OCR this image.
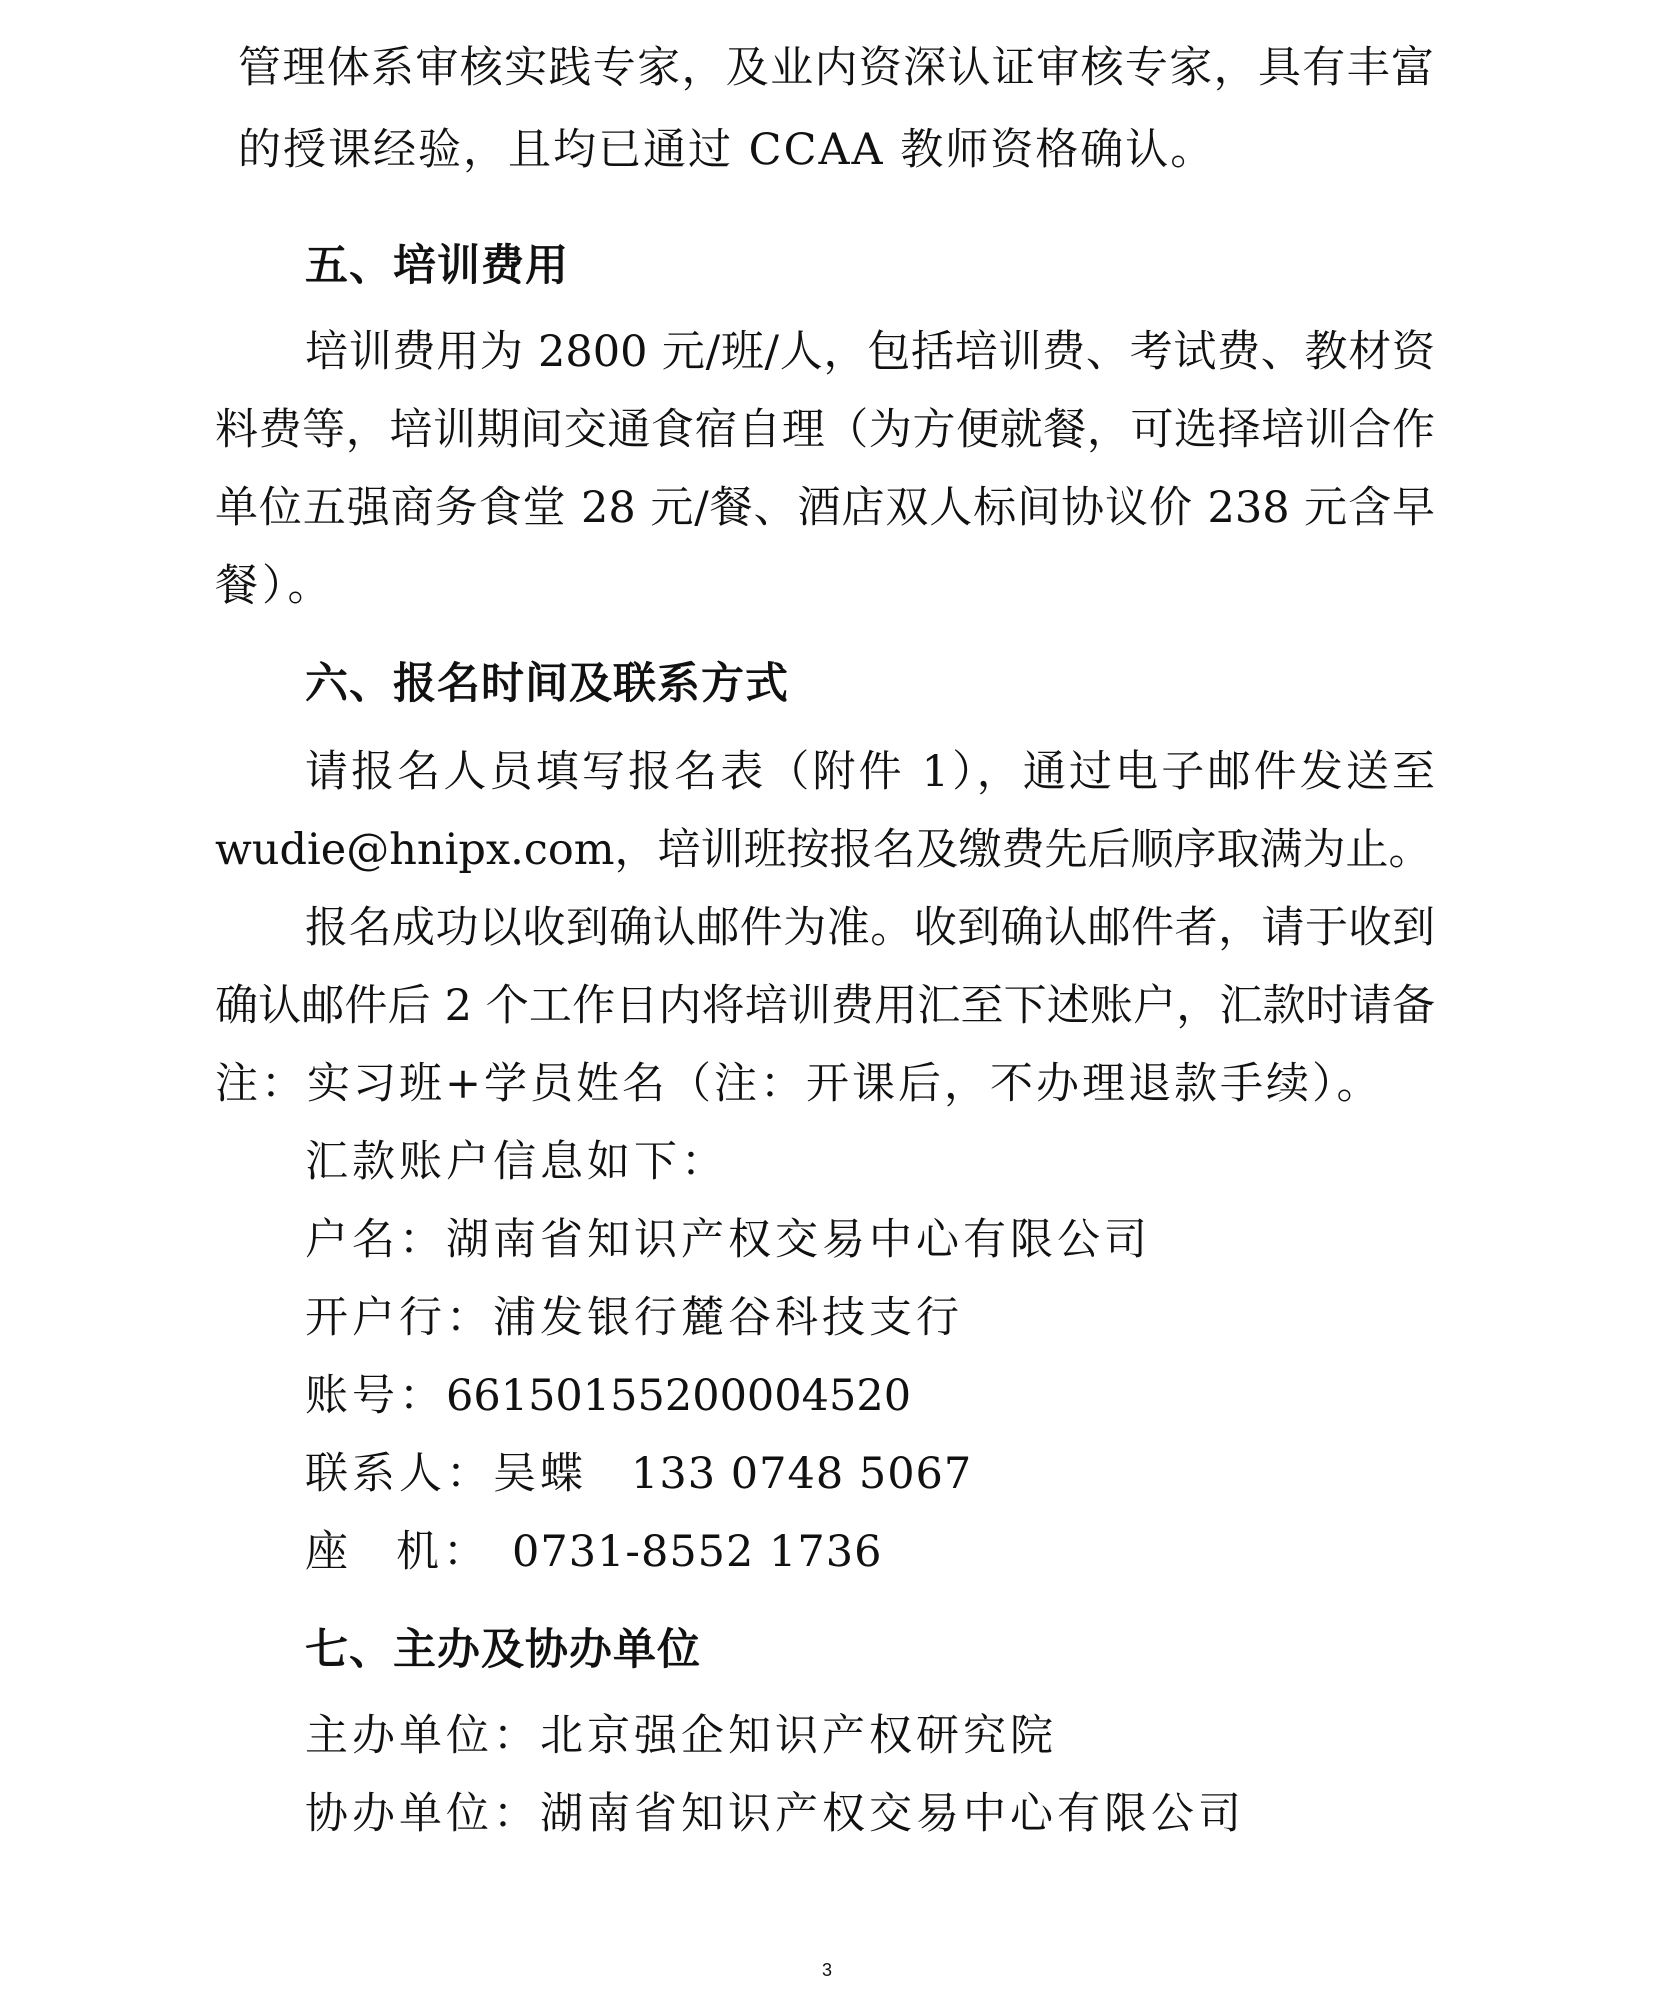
管理体系审核实践专家，及业内资深认证审核专家，具有丰富
的授课经验，且均已通过 CCAA 教师资格确认。
五、培训费用
培训费用为 2800 元/班/人，包括培训费、考试费、教材资
料费等，培训期间交通食宿自理（为方便就餐，可选择培训合作
单位五强商务食堂 28 元/餐、酒店双人标间协议价 238 元含早
餐）。
六、报名时间及联系方式
请报名人员填写报名表（附件 1），通过电子邮件发送至
wudie@hnipx.com，培训班按报名及缴费先后顺序取满为止。
报名成功以收到确认邮件为准。收到确认邮件者，请于收到
确认邮件后 2 个工作日内将培训费用汇至下述账户，汇款时请备
注：实习班+学员姓名（注：开课后，不办理退款手续）。
汇款账户信息如下：
户名：湖南省知识产权交易中心有限公司
开户行：浦发银行麓谷科技支行
账号：66150155200004520
联系人：吴蝶 133 0748 5067
座 机： 0731-8552 1736
七、主办及协办单位
主办单位：北京强企知识产权研究院
协办单位：湖南省知识产权交易中心有限公司
3
